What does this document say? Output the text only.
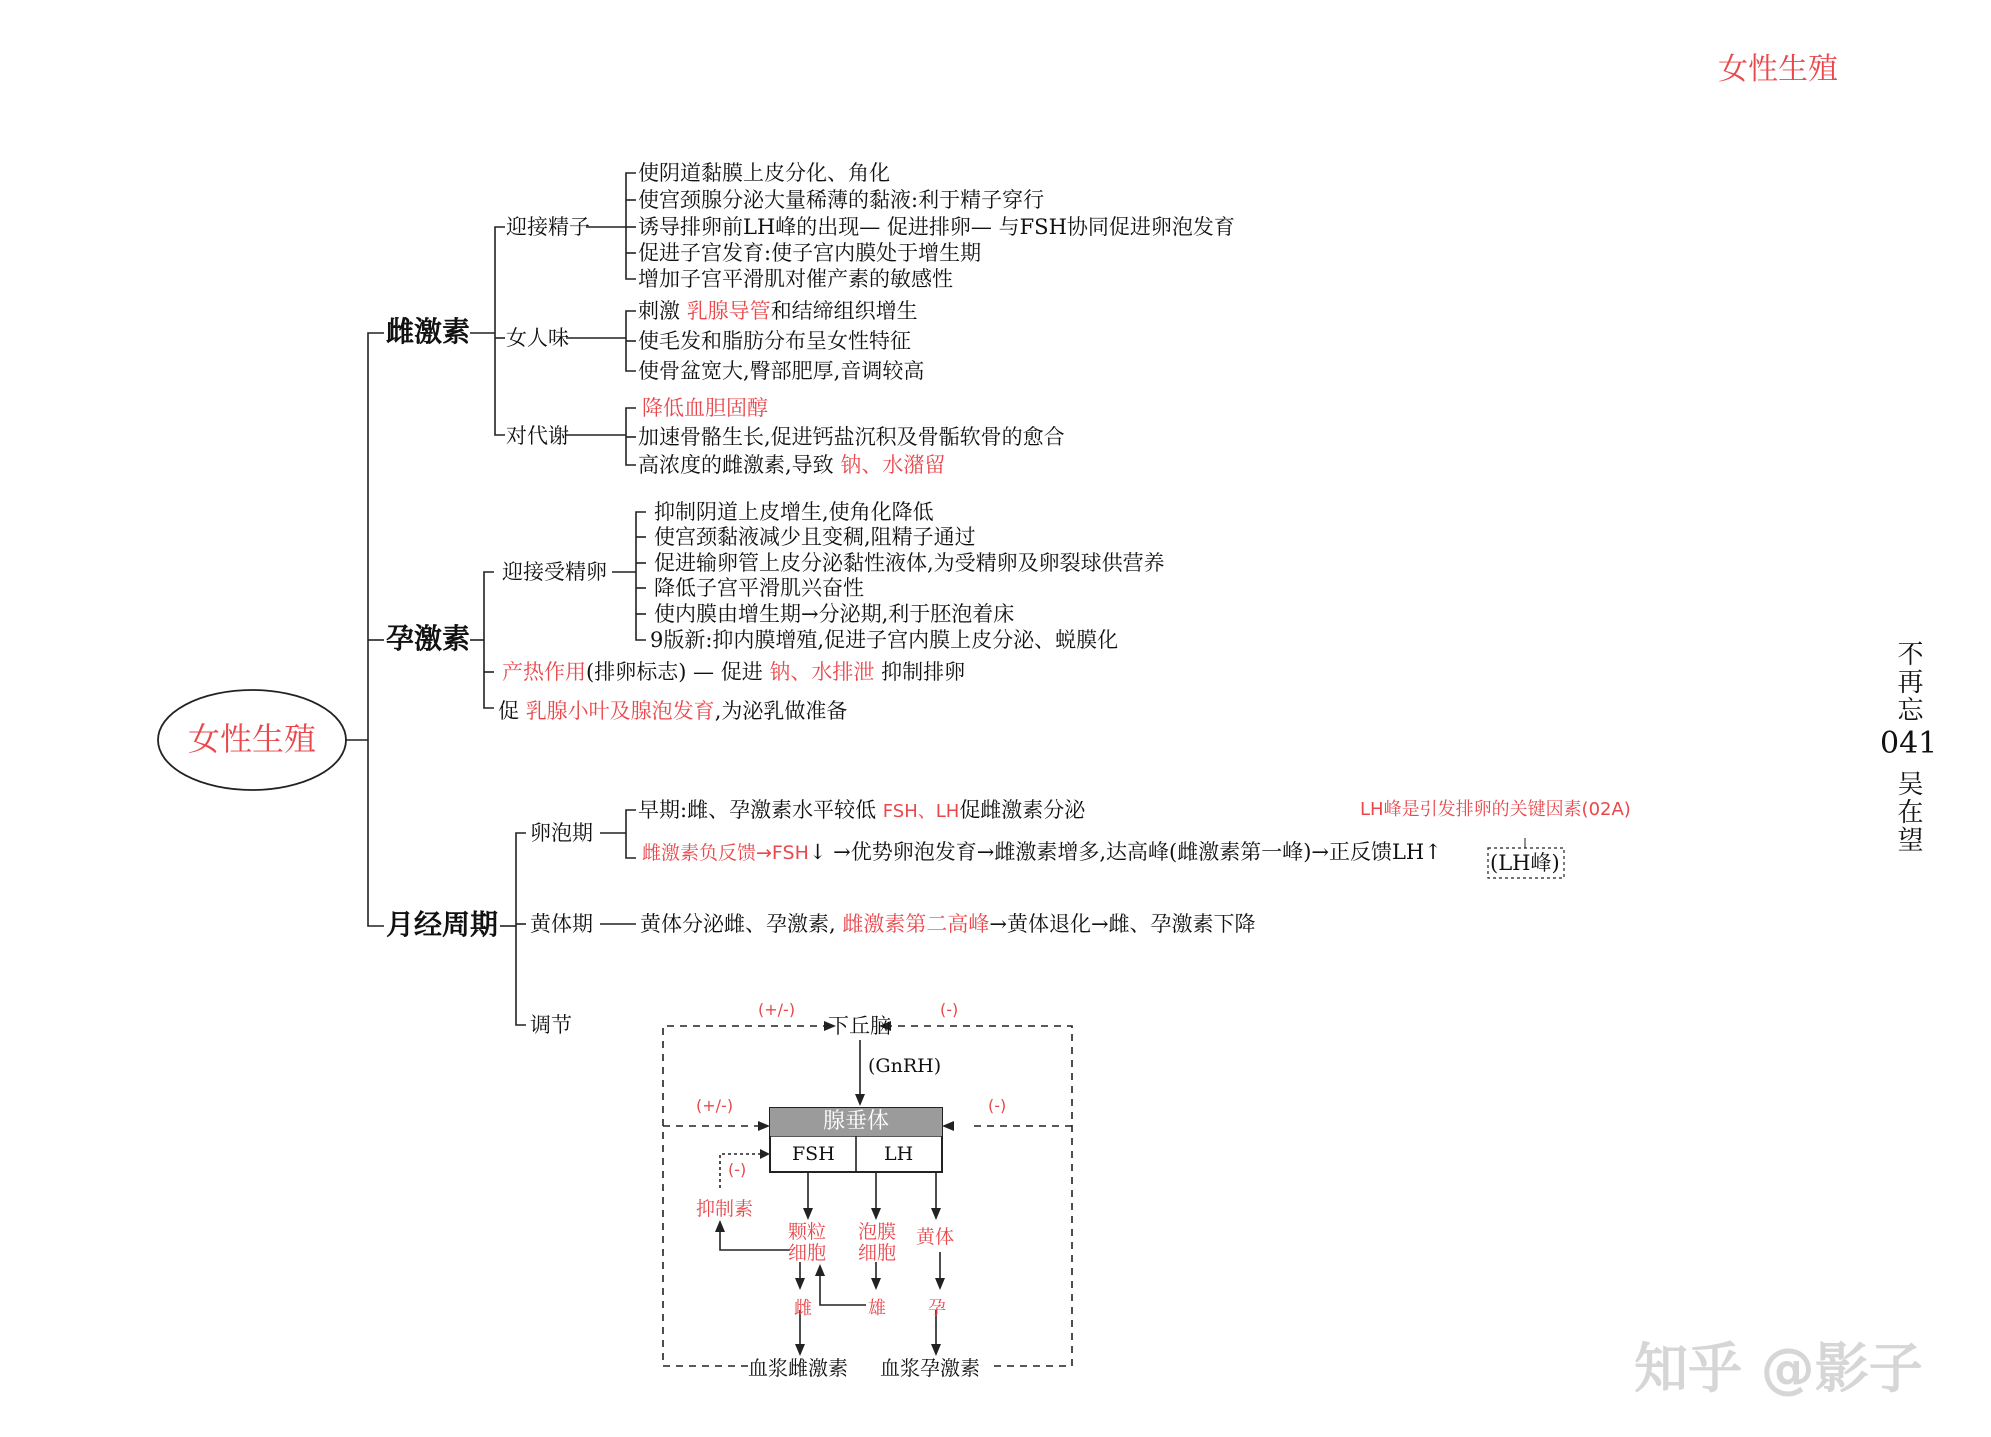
女性生殖
女性生殖
雌激素
孕激素
月经周期
迎接精子
女人味
对代谢
使阴道黏膜上皮分化、角化
使宫颈腺分泌大量稀薄的黏液:利于精子穿行
诱导排卵前LH峰的出现— 促进排卵— 与FSH协同促进卵泡发育
促进子宫发育:使子宫内膜处于增生期
增加子宫平滑肌对催产素的敏感性
刺激 乳腺导管和结缔组织增生
使毛发和脂肪分布呈女性特征
使骨盆宽大,臀部肥厚,音调较高
降低血胆固醇
加速骨骼生长,促进钙盐沉积及骨骺软骨的愈合
高浓度的雌激素,导致 钠、水潴留
迎接受精卵
抑制阴道上皮增生,使角化降低
使宫颈黏液减少且变稠,阻精子通过
促进输卵管上皮分泌黏性液体,为受精卵及卵裂球供营养
降低子宫平滑肌兴奋性
使内膜由增生期→分泌期,利于胚泡着床
9版新:抑内膜增殖,促进子宫内膜上皮分泌、蜕膜化
产热作用(排卵标志) — 促进 钠、水排泄 抑制排卵
促 乳腺小叶及腺泡发育,为泌乳做准备
卵泡期
黄体期
调节
早期:雌、孕激素水平较低 FSH、LH促雌激素分泌	LH峰是引发排卵的关键因素(02A)
雌激素负反馈→FSH↓ →优势卵泡发育→雌激素增多,达高峰(雌激素第一峰)→正反馈LH↑ (LH峰)
黄体分泌雌、孕激素, 雌激素第二高峰→黄体退化→雌、孕激素下降
下丘脑
(GnRH)
腺垂体
FSH	LH
(+/-)	(-)
(+/-)	(-)
(-)
抑制素
颗粒
细胞
泡膜
细胞
黄体
雌	雄 孕
血浆雌激素 血浆孕激素
不再忘
041
吴在望
知乎 @影子
